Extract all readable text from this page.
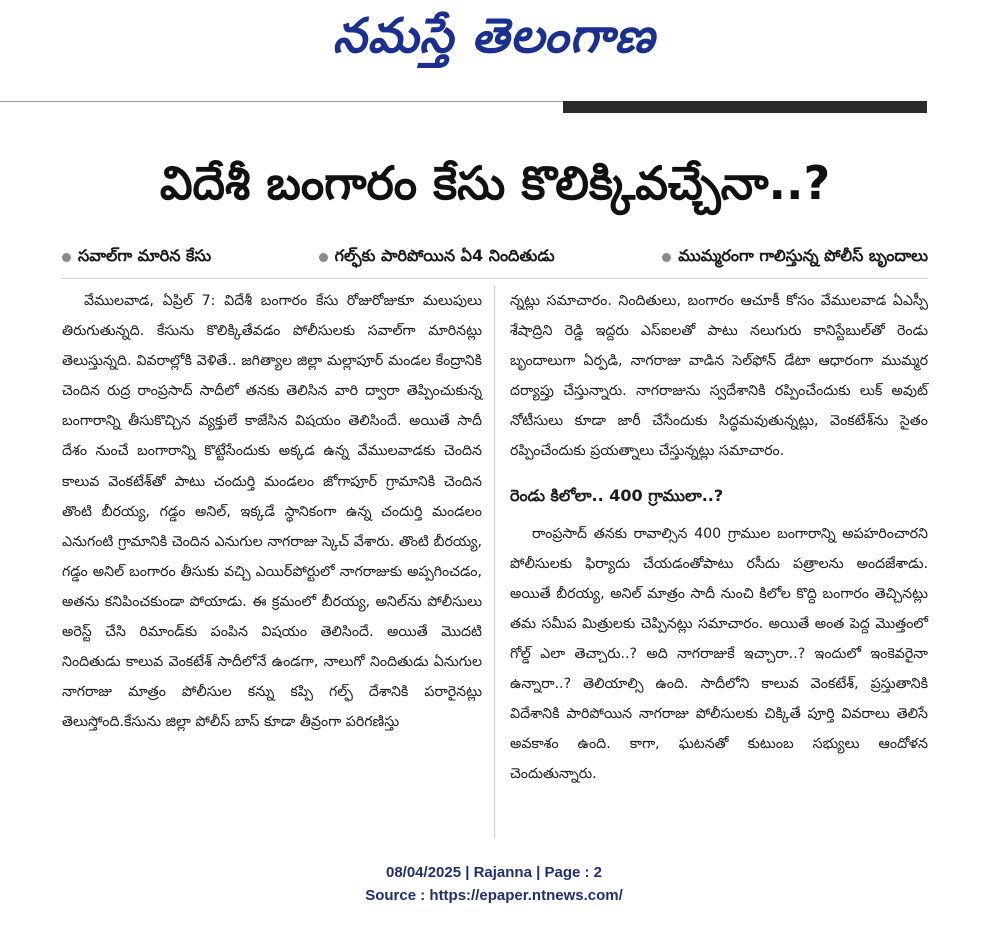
నమస్తే తెలంగాణ
విదేశీ బంగారం కేసు కొలిక్కివచ్చేనా..?
సవాల్‌గా మారిన కేసు	గల్ఫ్‌కు పారిపోయిన ఏ4 నిందితుడు	ముమ్మరంగా గాలిస్తున్న పోలీస్‌ బృందాలు

వేములవాడ, ఏప్రిల్‌ 7: విదేశీ బంగారం కేసు రోజురోజుకూ మలుపులు తిరుగుతున్నది. కేసును కొలిక్కితేవడం పోలీసులకు సవాల్‌గా మారినట్లు తెలుస్తున్నది. వివరాల్లోకి వెళితే.. జగిత్యాల జిల్లా మల్లాపూర్‌ మండల కేంద్రానికి చెందిన రుద్ర రాంప్రసాద్‌ సాదీలో తనకు తెలిసిన వారి ద్వారా తెప్పించుకున్న బంగారాన్ని తీసుకొచ్చిన వ్యక్తులే కాజేసిన విషయం తెలిసిందే. అయితే సాదీ దేశం నుంచే బంగారాన్ని కొట్టేసేందుకు అక్కడ ఉన్న వేములవాడకు చెందిన కాలువ వెంకటేశ్‌తో పాటు చందుర్తి మండలం జోగాపూర్‌ గ్రామానికి చెందిన తొంటి బీరయ్య, గడ్డం అనిల్‌, ఇక్కడే స్థానికంగా ఉన్న చందుర్తి మండలం ఎనుగంటి గ్రామానికి చెందిన ఎనుగుల నాగరాజు స్కెచ్‌ వేశారు. తొంటి బీరయ్య, గడ్డం అనిల్‌ బంగారం తీసుకు వచ్చి ఎయిర్‌పోర్టులో నాగరాజుకు అప్పగించడం, అతను కనిపించకుండా పోయాడు. ఈ క్రమంలో బీరయ్య, అనిల్‌ను పోలీసులు అరెస్ట్‌ చేసి రిమాండ్‌కు పంపిన విషయం తెలిసిందే. అయితే మొదటి నిందితుడు కాలువ వెంకటేశ్‌ సాదీలోనే ఉండగా, నాలుగో నిందితుడు ఏనుగుల నాగరాజు మాత్రం పోలీసుల కన్ను కప్పి గల్ఫ్‌ దేశానికి పరారైనట్లు తెలుస్తోంది.కేసును జిల్లా పోలీస్‌ బాస్‌ కూడా తీవ్రంగా పరిగణిస్తు

న్నట్లు సమాచారం. నిందితులు, బంగారం ఆచూకీ కోసం వేములవాడ ఏఎస్పీ శేషాద్రిని రెడ్డి ఇద్దరు ఎస్‌ఐలతో పాటు నలుగురు కానిస్టేబుల్‌తో రెండు బృందాలుగా ఏర్పడి, నాగరాజు వాడిన సెల్‌ఫోన్‌ డేటా ఆధారంగా ముమ్మర దర్యాప్తు చేస్తున్నారు. నాగరాజును స్వదేశానికి రప్పించేందుకు లుక్‌ అవుట్‌ నోటీసులు కూడా జారీ చేసేందుకు సిద్ధమవుతున్నట్లు, వెంకటేశ్‌ను సైతం రప్పించేందుకు ప్రయత్నాలు చేస్తున్నట్లు సమాచారం.

రెండు కిలోలా.. 400 గ్రాములా..?

రాంప్రసాద్‌ తనకు రావాల్సిన 400 గ్రాముల బంగారాన్ని అపహరించారని పోలీసులకు ఫిర్యాదు చేయడంతోపాటు రసీదు పత్రాలను అందజేశాడు. అయితే బీరయ్య, అనిల్‌ మాత్రం సాదీ నుంచి కిలోల కొద్ది బంగారం తెచ్చినట్లు తమ సమీప మిత్రులకు చెప్పినట్లు సమాచారం. అయితే అంత పెద్ద మొత్తంలో గోల్డ్‌ ఎలా తెచ్చారు..? అది నాగరాజుకే ఇచ్చారా..? ఇందులో ఇంకెవరైనా ఉన్నారా..? తెలియాల్సి ఉంది. సాదీలోని కాలువ వెంకటేశ్‌, ప్రస్తుతానికి విదేశానికి పారిపోయిన నాగరాజు పోలీసులకు చిక్కితే పూర్తి వివరాలు తెలిసే అవకాశం ఉంది. కాగా, ఘటనతో కుటుంబ సభ్యులు ఆందోళన చెందుతున్నారు.

08/04/2025 | Rajanna | Page : 2
Source : https://epaper.ntnews.com/
